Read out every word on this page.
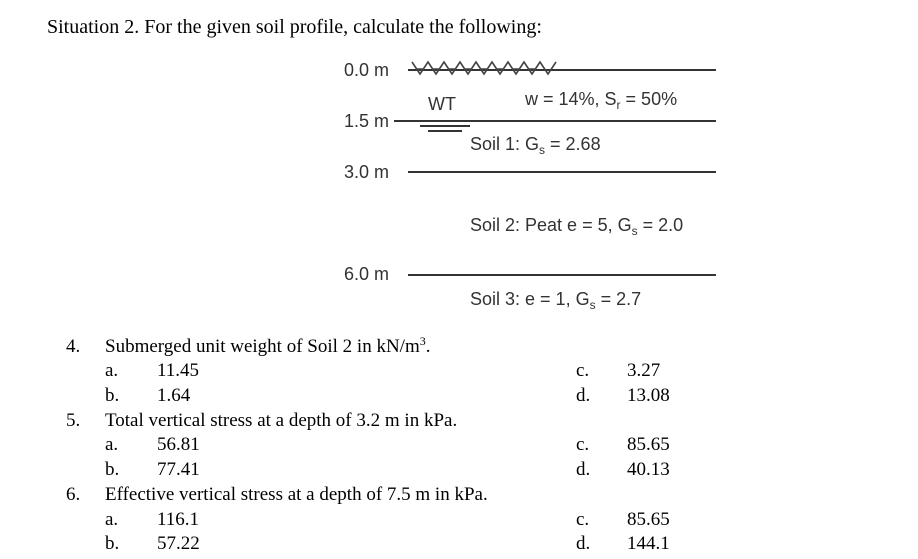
Situation 2. For the given soil profile, calculate the following:
0.0 m
1.5 m
3.0 m
6.0 m
WT	w = 14%, $S_r = 50\%$
Soil 1: $G_s = 2.68$
Soil 2: Peat e = 5, $G_s = 2.0$
Soil 3: e = 1, $G_s = 2.7$
4. Submerged unit weight of Soil 2 in $kN/m^3$.
a. 11.45
b. 1.64
c. 3.27
d. 13.08
5. Total vertical stress at a depth of 3.2 m in kPa.
a. 56.81
b. 77.41
c. 85.65
d. 40.13
6. Effective vertical stress at a depth of 7.5 m in kPa.
a. 116.1
b. 57.22
c. 85.65
d. 144.1
